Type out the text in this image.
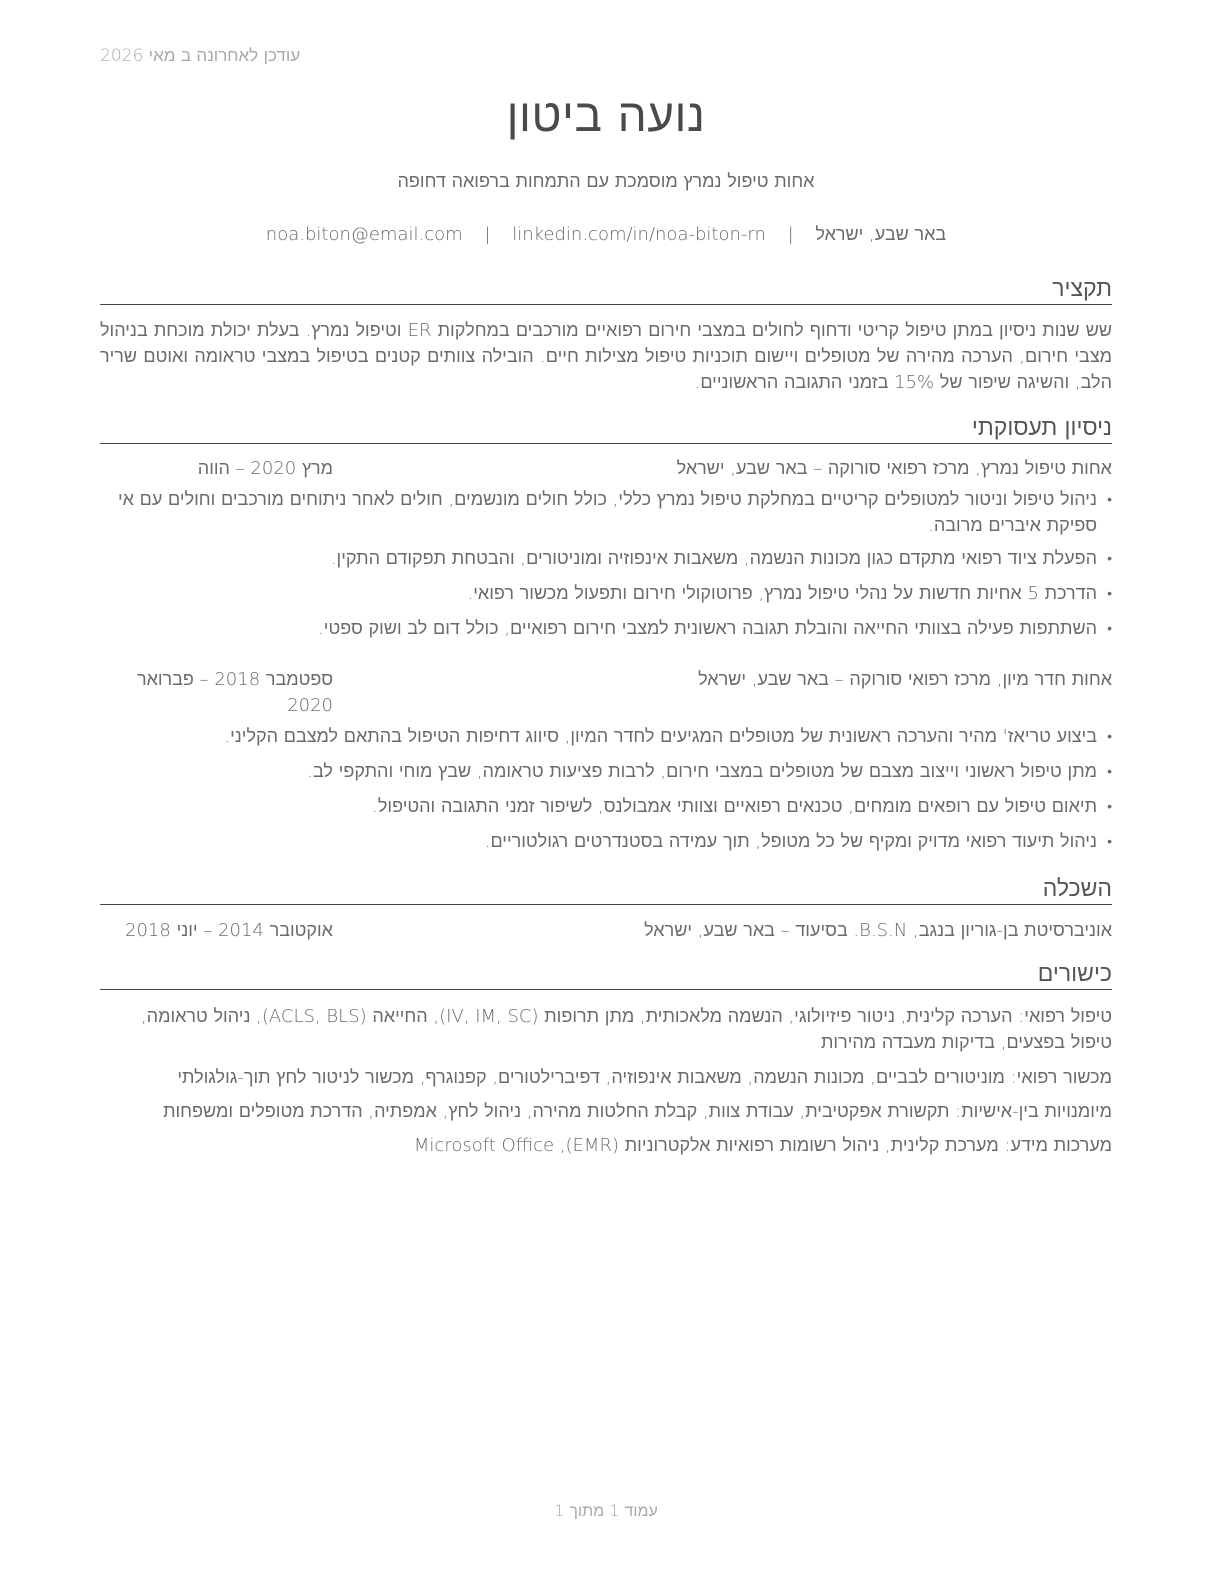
עודכן לאחרונה ב מאי 2026
נועה ביטון
אחות טיפול נמרץ מוסמכת עם התמחות ברפואה דחופה
באר שבע, ישראל | noa.biton@email.com | linkedin.com/in/noa-biton-rn
תקציר
שש שנות ניסיון במתן טיפול קריטי ודחוף לחולים במצבי חירום רפואיים מורכבים במחלקות ER וטיפול נמרץ. בעלת יכולת מוכחת בניהול מצבי חירום, הערכה מהירה של מטופלים ויישום תוכניות טיפול מצילות חיים. הובילה צוותים קטנים בטיפול במצבי טראומה ואוטם שריר הלב, והשיגה שיפור של 15% בזמני התגובה הראשוניים.
ניסיון תעסוקתי
אחות טיפול נמרץ, מרכז רפואי סורוקה – באר שבע, ישראל
מרץ 2020 – הווה
• ניהול טיפול וניטור למטופלים קריטיים במחלקת טיפול נמרץ כללי, כולל חולים מונשמים, חולים לאחר ניתוחים מורכבים וחולים עם אי ספיקת איברים מרובה.
• הפעלת ציוד רפואי מתקדם כגון מכונות הנשמה, משאבות אינפוזיה ומוניטורים, והבטחת תפקודם התקין.
• הדרכת 5 אחיות חדשות על נהלי טיפול נמרץ, פרוטוקולי חירום ותפעול מכשור רפואי.
• השתתפות פעילה בצוותי החייאה והובלת תגובה ראשונית למצבי חירום רפואיים, כולל דום לב ושוק ספטי.
אחות חדר מיון, מרכז רפואי סורוקה – באר שבע, ישראל
ספטמבר 2018 – פברואר 2020
• ביצוע טריאז' מהיר והערכה ראשונית של מטופלים המגיעים לחדר המיון, סיווג דחיפות הטיפול בהתאם למצבם הקליני.
• מתן טיפול ראשוני וייצוב מצבם של מטופלים במצבי חירום, לרבות פציעות טראומה, שבץ מוחי והתקפי לב.
• תיאום טיפול עם רופאים מומחים, טכנאים רפואיים וצוותי אמבולנס, לשיפור זמני התגובה והטיפול.
• ניהול תיעוד רפואי מדויק ומקיף של כל מטופל, תוך עמידה בסטנדרטים רגולטוריים.
השכלה
אוניברסיטת בן-גוריון בנגב, B.S.N. בסיעוד – באר שבע, ישראל
אוקטובר 2014 – יוני 2018
כישורים
טיפול רפואי: הערכה קלינית, ניטור פיזיולוגי, הנשמה מלאכותית, מתן תרופות (IV, IM, SC), החייאה (ACLS, BLS), ניהול טראומה, טיפול בפצעים, בדיקות מעבדה מהירות
מכשור רפואי: מוניטורים לבביים, מכונות הנשמה, משאבות אינפוזיה, דפיברילטורים, קפנוגרף, מכשור לניטור לחץ תוך-גולגולתי
מיומנויות בין-אישיות: תקשורת אפקטיבית, עבודת צוות, קבלת החלטות מהירה, ניהול לחץ, אמפתיה, הדרכת מטופלים ומשפחות
מערכות מידע: מערכת קלינית, ניהול רשומות רפואיות אלקטרוניות (EMR), Microsoft Office
עמוד 1 מתוך 1
